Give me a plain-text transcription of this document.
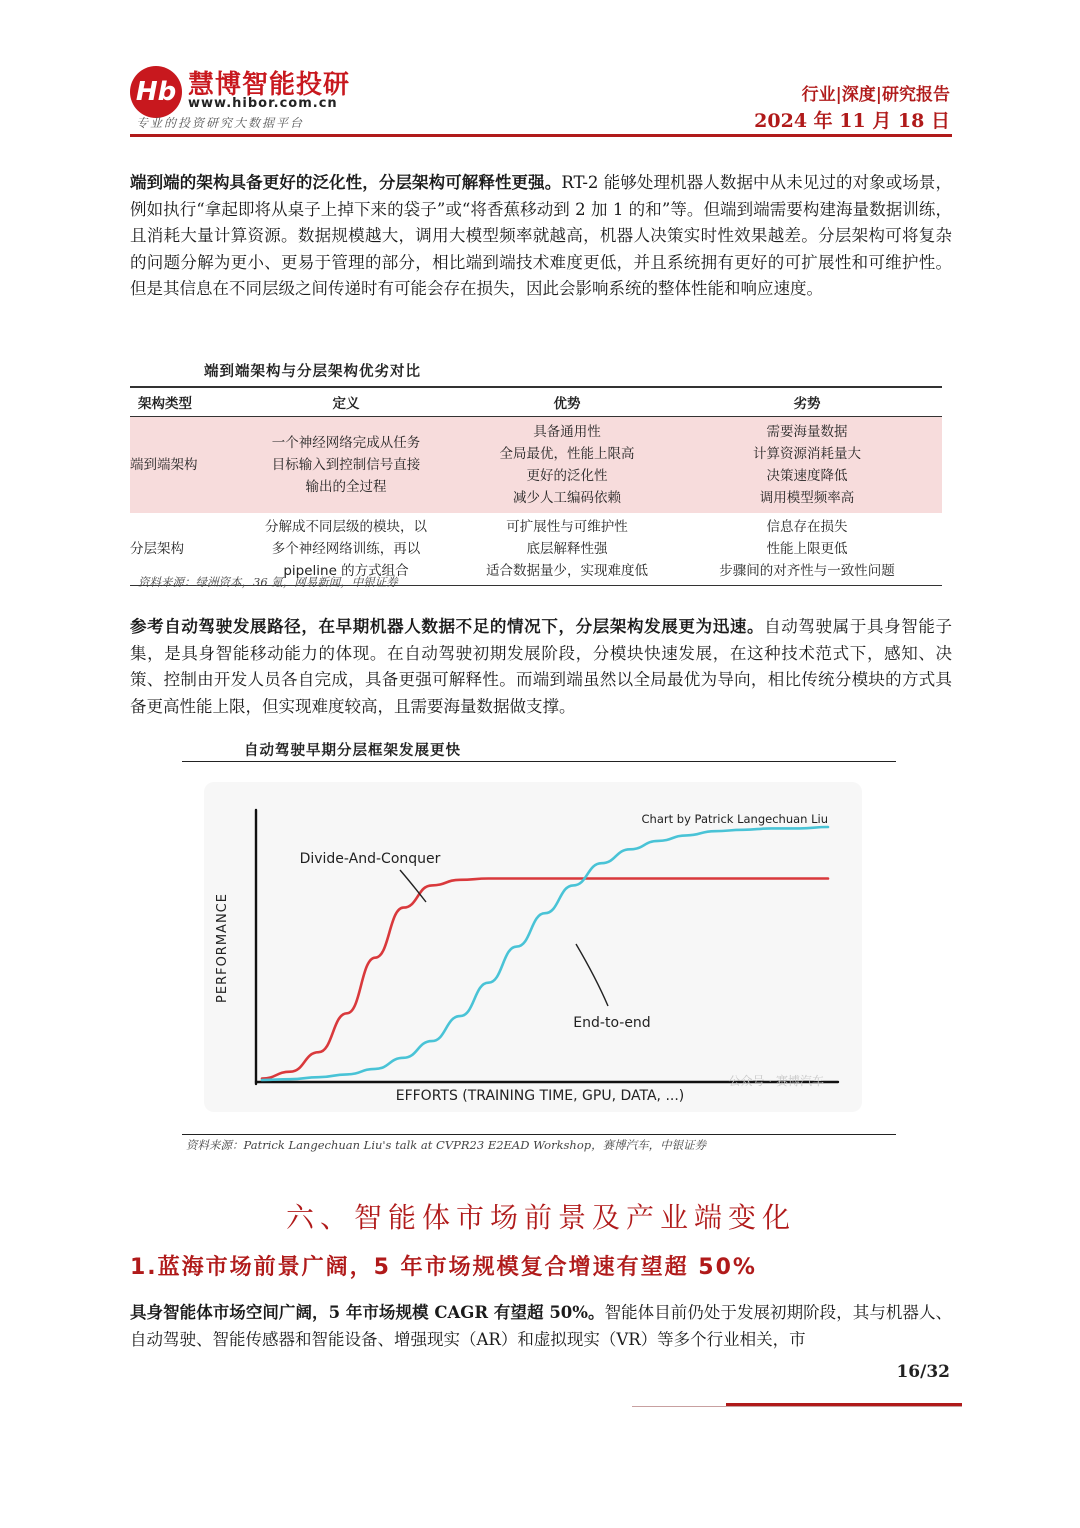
Hb 慧博智能投研
www.hibor.com.cn
专业的投资研究大数据平台
行业|深度|研究报告
2024 年 11 月 18 日

端到端的架构具备更好的泛化性，分层架构可解释性更强。RT-2 能够处理机器人数据中从未见过的对象或场景，例如执行“拿起即将从桌子上掉下来的袋子”或“将香蕉移动到 2 加 1 的和”等。但端到端需要构建海量数据训练，且消耗大量计算资源。数据规模越大，调用大模型频率就越高，机器人决策实时性效果越差。分层架构可将复杂的问题分解为更小、更易于管理的部分，相比端到端技术难度更低，并且系统拥有更好的可扩展性和可维护性。但是其信息在不同层级之间传递时有可能会存在损失，因此会影响系统的整体性能和响应速度。

端到端架构与分层架构优劣对比
架构类型	定义	优势	劣势
端到端架构	一个神经网络完成从任务
目标输入到控制信号直接
输出的全过程	具备通用性
全局最优，性能上限高
更好的泛化性
减少人工编码依赖	需要海量数据
计算资源消耗量大
决策速度降低
调用模型频率高

分层架构	分解成不同层级的模块，以
多个神经网络训练，再以
pipeline 的方式组合	可扩展性与可维护性
底层解释性强
适合数据量少，实现难度低	信息存在损失
性能上限更低
步骤间的对齐性与一致性问题
资料来源：绿洲资本，36 氪，网易新闻，中银证券

参考自动驾驶发展路径，在早期机器人数据不足的情况下，分层架构发展更为迅速。自动驾驶属于具身智能子集，是具身智能移动能力的体现。在自动驾驶初期发展阶段，分模块快速发展，在这种技术范式下，感知、决策、控制由开发人员各自完成，具备更强可解释性。而端到端虽然以全局最优为导向，相比传统分模块的方式具备更高性能上限，但实现难度较高，且需要海量数据做支撑。

自动驾驶早期分层框架发展更快
PERFORMANCE
EFFORTS (TRAINING TIME, GPU, DATA, ...)
Chart by Patrick Langechuan Liu
公众号 · 赛博汽车
Divide-And-Conquer
End-to-end
资料来源：Patrick Langechuan Liu's talk at CVPR23 E2EAD Workshop，赛博汽车，中银证券
六、智能体市场前景及产业端变化
1.蓝海市场前景广阔，5 年市场规模复合增速有望超 50%

具身智能体市场空间广阔，5 年市场规模 CAGR 有望超 50%。智能体目前仍处于发展初期阶段，其与机器人、自动驾驶、智能传感器和智能设备、增强现实（AR）和虚拟现实（VR）等多个行业相关，市

16/32
